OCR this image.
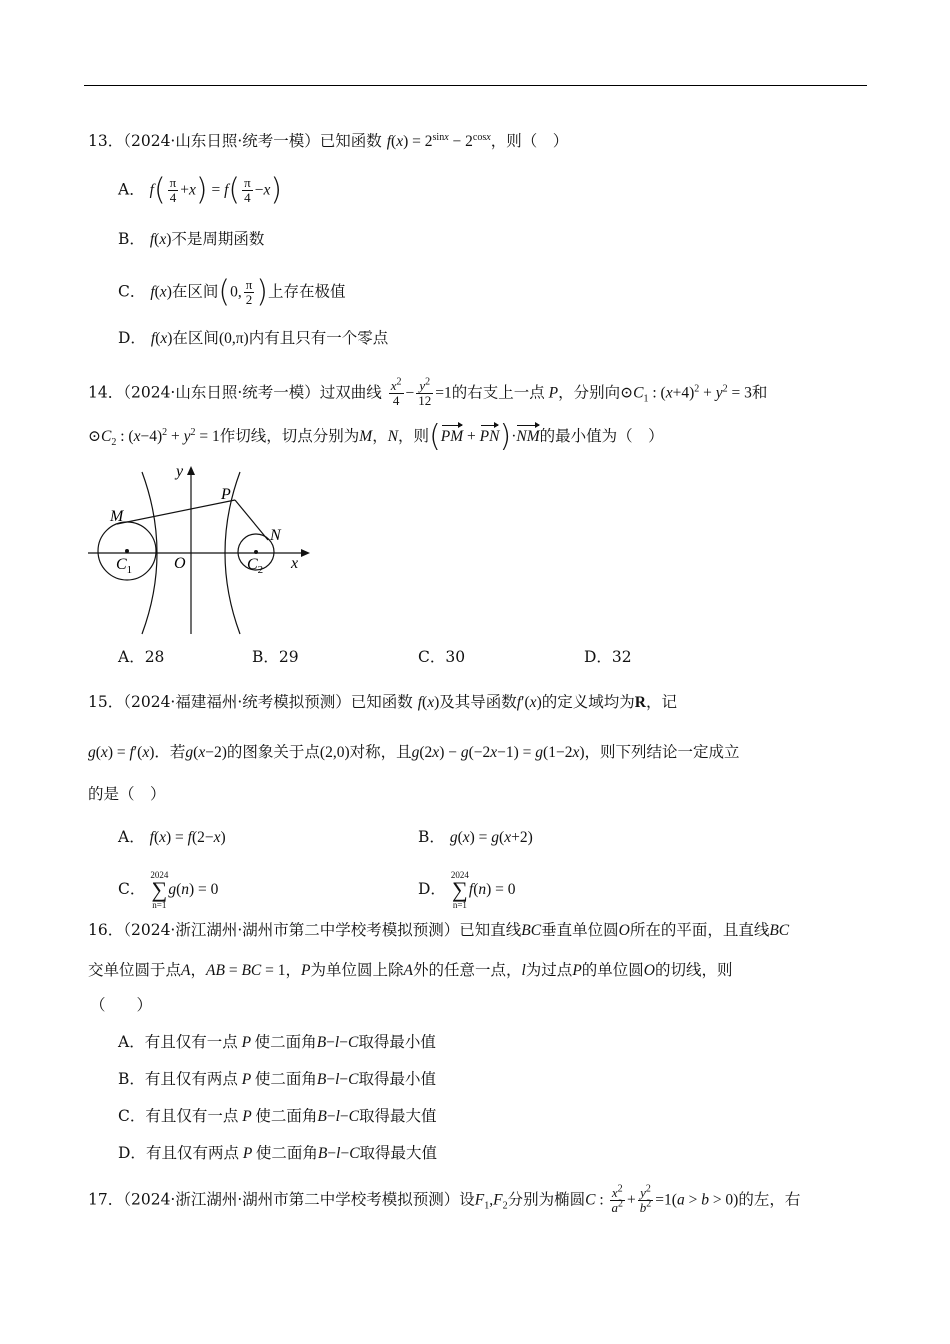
13．（2024·山东日照·统考一模）已知函数 $f(x) = 2^{sinx} - 2^{cosx}$，则（　）
A． $f( \frac{\pi}{4} +x) = f( \frac{\pi}{4} -x)$
B． f(x)不是周期函数
C． f(x)在区间(0, $\frac{\pi}{2}$ )上存在极值
D． f(x)在区间(0,π)内有且只有一个零点
14．（2024·山东日照·统考一模）过双曲线 $\frac{x^2}{4} - \frac{y^2}{12} =1$的右支上一点 P，分别向$⊙C_1$ : $(x+4)^2 + y^2 = 3$和
$⊙C_2$ : $(x-4)^2 + y^2 = 1$作切线，切点分别为M，N，则(PM + PN)·NM的最小值为（　）
y
x
O
P
M
N
$C_1$	$C_2$
A．28	B．29	C．30	D．32
15．（2024·福建福州·统考模拟预测）已知函数 f(x)及其导函数f′(x)的定义域均为R，记
g(x) = f′(x)．若g(x−2)的图象关于点(2,0)对称，且g(2x) − g(−2x−1) = g(1−2x)，则下列结论一定成立
的是（　）
A． f(x) = f(2−x)	B． g(x) = g(x+2)
C．
2024
∑
n=1
g(n) = 0	D．
2024
∑
n=1
f(n) = 0
16．（2024·浙江湖州·湖州市第二中学校考模拟预测）已知直线BC垂直单位圆O所在的平面，且直线BC
交单位圆于点A，AB = BC = 1，P为单位圆上除A外的任意一点，l为过点P的单位圆O的切线，则
（　　）
A．有且仅有一点 P 使二面角B−l−C取得最小值
B．有且仅有两点 P 使二面角B−l−C取得最小值
C．有且仅有一点 P 使二面角B−l−C取得最大值
D．有且仅有两点 P 使二面角B−l−C取得最大值
17．（2024·浙江湖州·湖州市第二中学校考模拟预测）设$F_1,F_2$分别为椭圆C : $\frac{x^2}{a^2} + \frac{y^2}{b^2} =1(a > b > 0)$的左，右
